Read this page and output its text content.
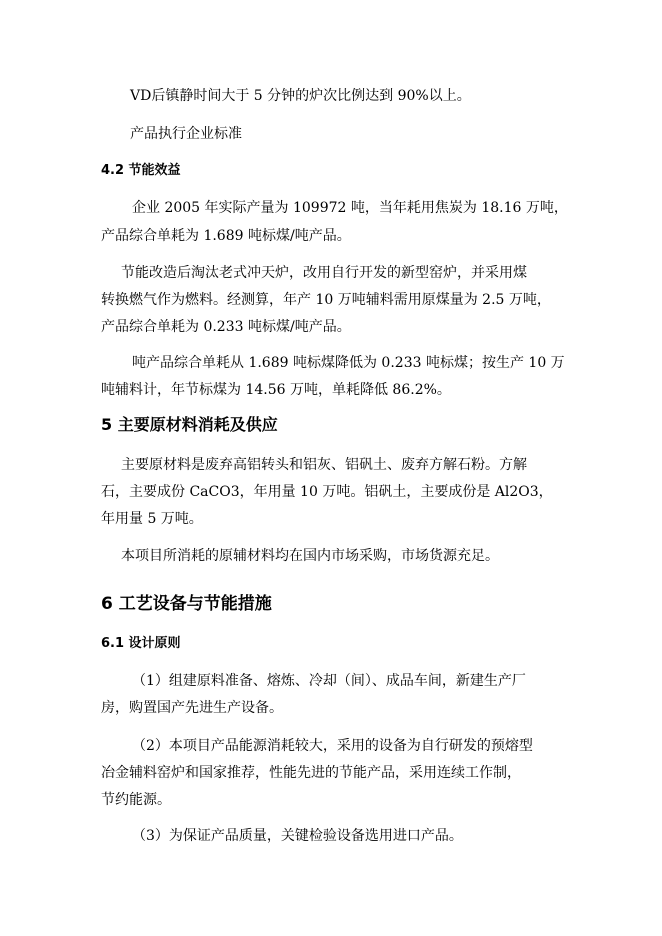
VD后镇静时间大于 5 分钟的炉次比例达到 90%以上。
产品执行企业标准
4.2 节能效益
企业 2005 年实际产量为 109972 吨，当年耗用焦炭为 18.16 万吨，
产品综合单耗为 1.689 吨标煤/吨产品。
节能改造后淘汰老式冲天炉，改用自行开发的新型窑炉，并采用煤
转换燃气作为燃料。经测算，年产 10 万吨辅料需用原煤量为 2.5 万吨，
产品综合单耗为 0.233 吨标煤/吨产品。
吨产品综合单耗从 1.689 吨标煤降低为 0.233 吨标煤；按生产 10 万
吨辅料计，年节标煤为 14.56 万吨，单耗降低 86.2%。
5 主要原材料消耗及供应
主要原材料是废弃高铝转头和铝灰、铝矾土、废弃方解石粉。方解
石，主要成份 CaCO3，年用量 10 万吨。铝矾土，主要成份是 Al2O3，
年用量 5 万吨。
本项目所消耗的原辅材料均在国内市场采购，市场货源充足。
6 工艺设备与节能措施
6.1 设计原则
（1）组建原料准备、熔炼、冷却（间）、成品车间，新建生产厂
房，购置国产先进生产设备。
（2）本项目产品能源消耗较大，采用的设备为自行研发的预熔型
冶金辅料窑炉和国家推荐，性能先进的节能产品，采用连续工作制，
节约能源。
（3）为保证产品质量，关键检验设备选用进口产品。
